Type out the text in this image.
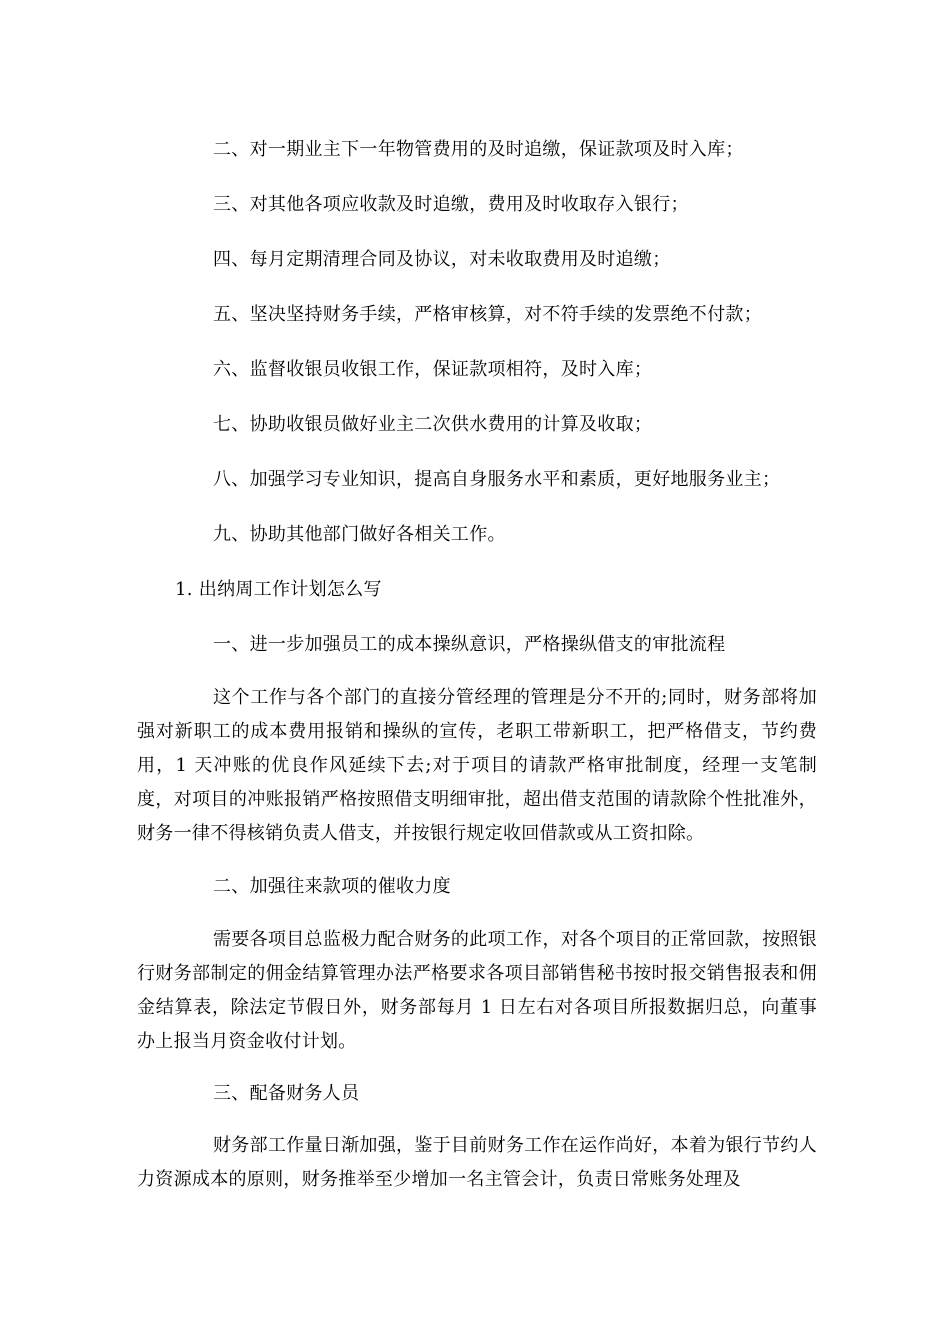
二、对一期业主下一年物管费用的及时追缴，保证款项及时入库；
三、对其他各项应收款及时追缴，费用及时收取存入银行；
四、每月定期清理合同及协议，对未收取费用及时追缴；
五、坚决坚持财务手续，严格审核算，对不符手续的发票绝不付款；
六、监督收银员收银工作，保证款项相符，及时入库；
七、协助收银员做好业主二次供水费用的计算及收取；
八、加强学习专业知识，提高自身服务水平和素质，更好地服务业主；
九、协助其他部门做好各相关工作。
1. 出纳周工作计划怎么写
一、进一步加强员工的成本操纵意识，严格操纵借支的审批流程
这个工作与各个部门的直接分管经理的管理是分不开的;同时，财务部将加强对新职工的成本费用报销和操纵的宣传，老职工带新职工，把严格借支，节约费用，1 天冲账的优良作风延续下去;对于项目的请款严格审批制度，经理一支笔制度，对项目的冲账报销严格按照借支明细审批，超出借支范围的请款除个性批准外，财务一律不得核销负责人借支，并按银行规定收回借款或从工资扣除。
二、加强往来款项的催收力度
需要各项目总监极力配合财务的此项工作，对各个项目的正常回款，按照银行财务部制定的佣金结算管理办法严格要求各项目部销售秘书按时报交销售报表和佣金结算表，除法定节假日外，财务部每月 1 日左右对各项目所报数据归总，向董事办上报当月资金收付计划。
三、配备财务人员
财务部工作量日渐加强，鉴于目前财务工作在运作尚好，本着为银行节约人力资源成本的原则，财务推举至少增加一名主管会计，负责日常账务处理及
